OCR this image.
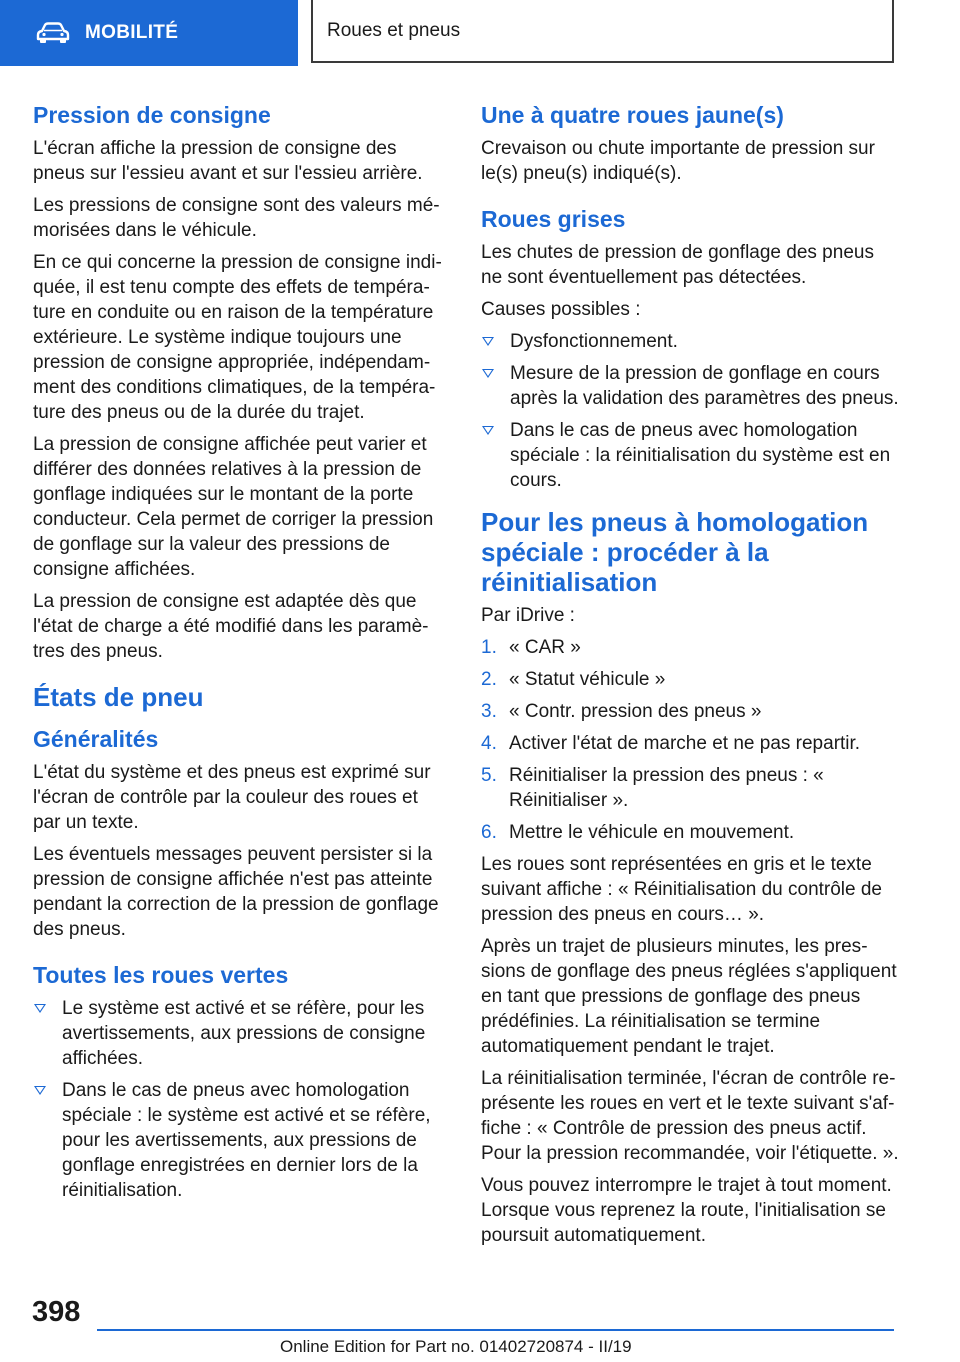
MOBILITÉ	Roues et pneus
Pression de consigne

L'écran affiche la pression de consigne des pneus sur l'essieu avant et sur l'essieu arrière.

Les pressions de consigne sont des valeurs mémorisées dans le véhicule.

En ce qui concerne la pression de consigne indiquée, il est tenu compte des effets de température en conduite ou en raison de la température extérieure. Le système indique toujours une pression de consigne appropriée, indépendamment des conditions climatiques, de la température des pneus ou de la durée du trajet.

La pression de consigne affichée peut varier et différer des données relatives à la pression de gonflage indiquées sur le montant de la porte conducteur. Cela permet de corriger la pression de gonflage sur la valeur des pressions de consigne affichées.

La pression de consigne est adaptée dès que l'état de charge a été modifié dans les paramètres des pneus.

États de pneu
Généralités

L'état du système et des pneus est exprimé sur l'écran de contrôle par la couleur des roues et par un texte.

Les éventuels messages peuvent persister si la pression de consigne affichée n'est pas atteinte pendant la correction de la pression de gonflage des pneus.

Toutes les roues vertes
Le système est activé et se réfère, pour les avertissements, aux pressions de consigne affichées.
Dans le cas de pneus avec homologation spéciale : le système est activé et se réfère, pour les avertissements, aux pressions de gonflage enregistrées en dernier lors de la réinitialisation.
Une à quatre roues jaune(s)

Crevaison ou chute importante de pression sur le(s) pneu(s) indiqué(s).

Roues grises

Les chutes de pression de gonflage des pneus ne sont éventuellement pas détectées.

Causes possibles :

Dysfonctionnement.
Mesure de la pression de gonflage en cours après la validation des paramètres des pneus.
Dans le cas de pneus avec homologation spéciale : la réinitialisation du système est en cours.
Pour les pneus à homologation spéciale : procéder à la réinitialisation

Par iDrive :

1. « CAR »
2. « Statut véhicule »
3. « Contr. pression des pneus »
4. Activer l'état de marche et ne pas repartir.
5. Réinitialiser la pression des pneus : « Réinitialiser ».
6. Mettre le véhicule en mouvement.

Les roues sont représentées en gris et le texte suivant affiche : « Réinitialisation du contrôle de pression des pneus en cours… ».

Après un trajet de plusieurs minutes, les pressions de gonflage des pneus réglées s'appliquent en tant que pressions de gonflage des pneus prédéfinies. La réinitialisation se termine automatiquement pendant le trajet.

La réinitialisation terminée, l'écran de contrôle représente les roues en vert et le texte suivant s'affiche : « Contrôle de pression des pneus actif. Pour la pression recommandée, voir l'étiquette. ».

Vous pouvez interrompre le trajet à tout moment. Lorsque vous reprenez la route, l'initialisation se poursuit automatiquement.

398
Online Edition for Part no. 01402720874 - II/19
